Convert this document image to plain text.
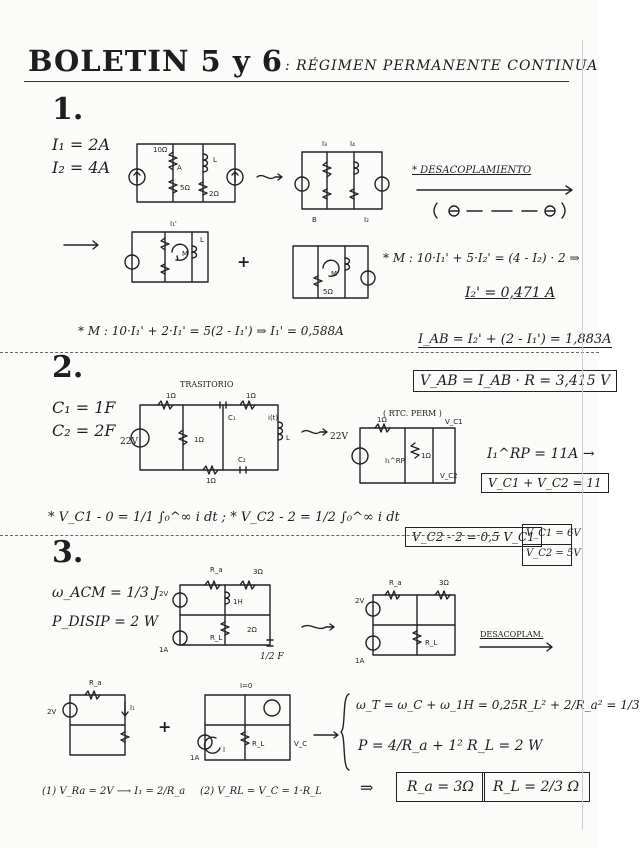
BOLETIN 5 y 6 : RÉGIMEN PERMANENTE CONTINUA
1.
I₁ = 2A
I₂ = 4A
10Ω
5Ω
2Ω
L
A
I₃	I₄
B	I₂
* DESACOPLAMIENTO
I₁'
M
L
+
M
5Ω
* M : 10·I₁' + 5·I₂' = (4 - I₂) · 2 ⇒
I₂' = 0,471 A
* M : 10·I₁' + 2·I₁' = 5(2 - I₁') ⇒ I₁' = 0,588A
I_AB = I₂' + (2 - I₁') = 1,883A
2.	V_AB = I_AB · R = 3,415 V
C₁ = 1F
C₂ = 2F
TRASITORIO
1Ω	1Ω
1Ω
1Ω
L
i(t)
C₁
C₂
22V
( RTC. PERM )
1Ω
1Ω
V_C1
V_C2
I₁^RP
22V
I₁^RP = 11A →
V_C1 + V_C2 = 11
* V_C1 - 0 = 1/1 ∫₀^∞ i dt ; * V_C2 - 2 = 1/2 ∫₀^∞ i dt
V_C2 - 2 = 0,5 V_C1
V_C1 = 6V
V_C2 = 5V
3.
ω_ACM = 1/3 J
P_DISIP = 2 W
R_a	3Ω
1H
R_L
2Ω
2V
1A
1/2 F
R_a	3Ω
R_L
2V
1A
DESACOPLAM.
R_a
I₁
2V
+
I=0
R_L	V_C
1A
I
ω_T = ω_C + ω_1H = 0,25R_L² + 2/R_a² = 1/3
P = 4/R_a + 1² R_L = 2 W
⇒	R_a = 3Ω	R_L = 2/3 Ω
(1) V_Ra = 2V ⟶ I₁ = 2/R_a (2) V_RL = V_C = 1·R_L
